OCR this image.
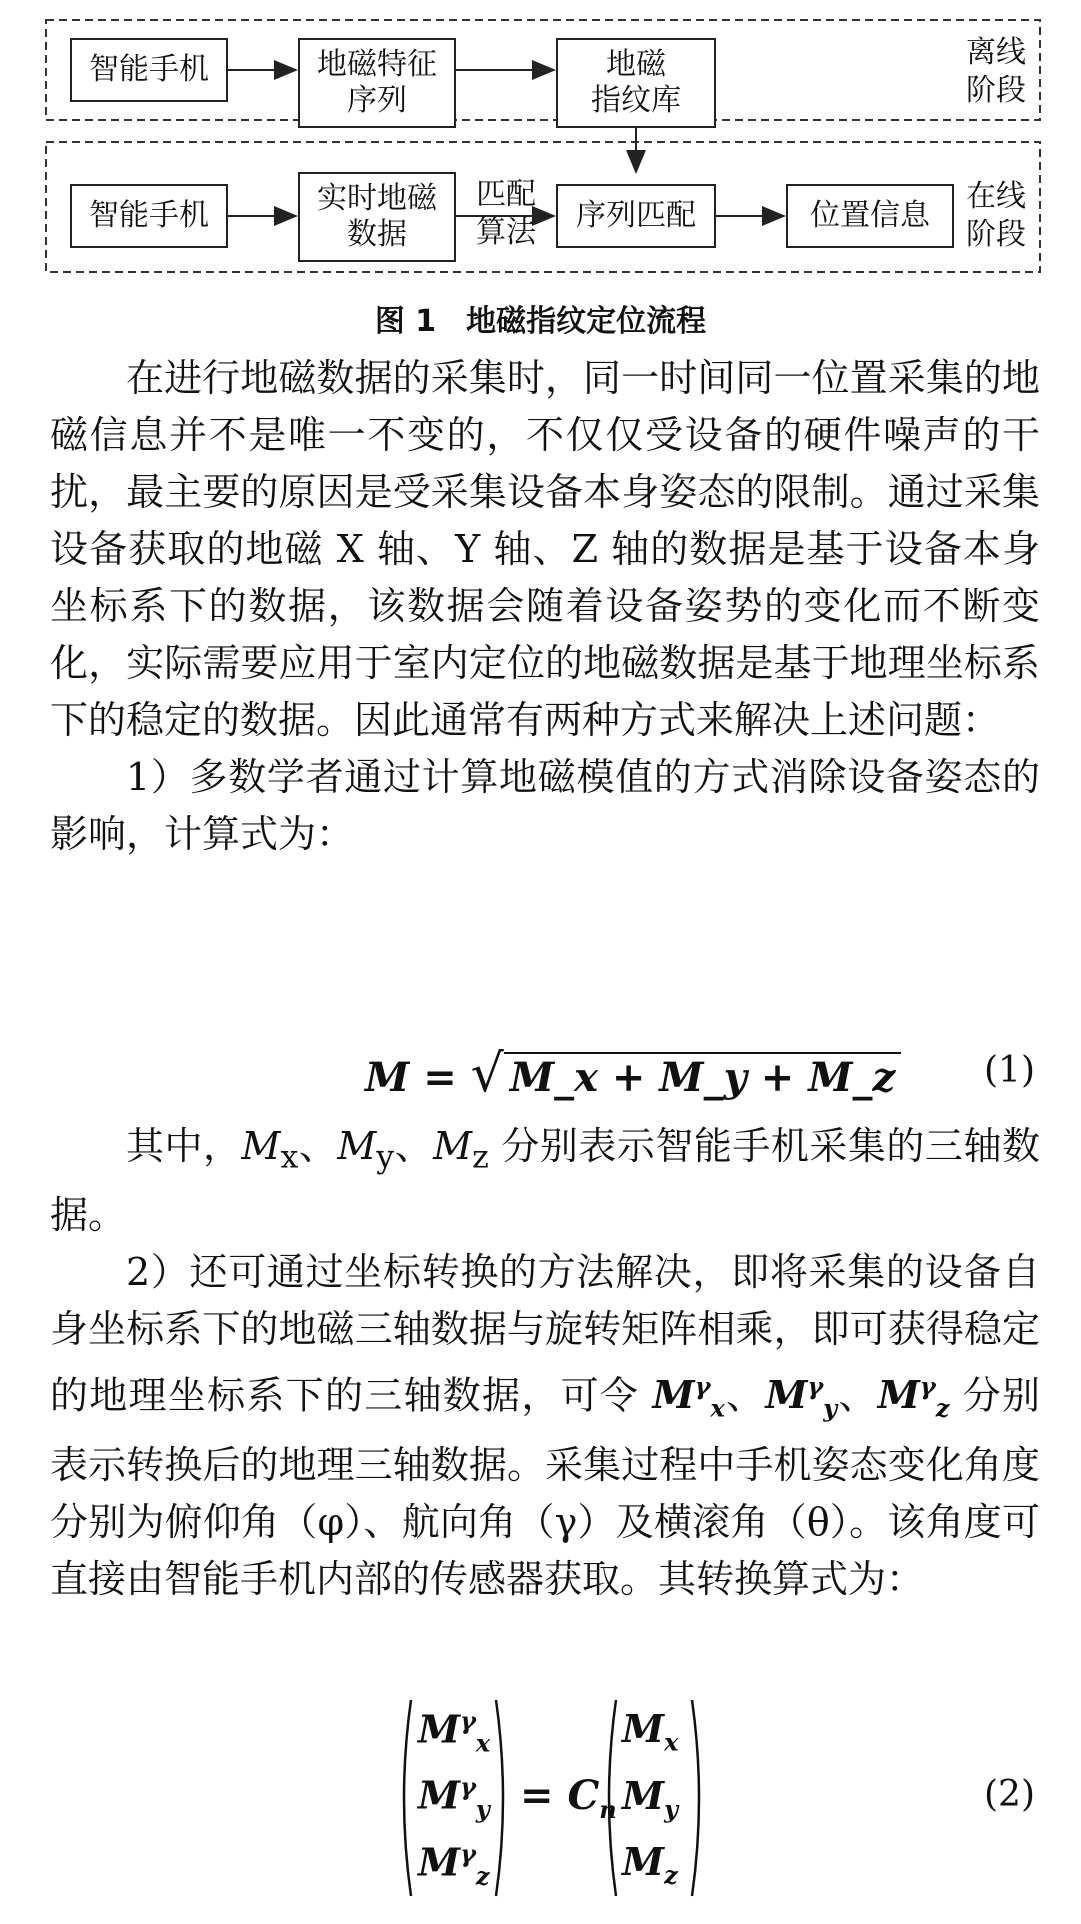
智能手机	地磁特征
序列
地磁
指纹库
离线
阶段
智能手机	实时地磁
数据
序列匹配	位置信息
匹配
算法
在线
阶段
图 1　地磁指纹定位流程

在进行地磁数据的采集时，同一时间同一位置采集的地磁信息并不是唯一不变的，不仅仅受设备的硬件噪声的干扰，最主要的原因是受采集设备本身姿态的限制。通过采集设备获取的地磁 X 轴、Y 轴、Z 轴的数据是基于设备本身坐标系下的数据，该数据会随着设备姿势的变化而不断变化，实际需要应用于室内定位的地磁数据是基于地理坐标系下的稳定的数据。因此通常有两种方式来解决上述问题：

1）多数学者通过计算地磁模值的方式消除设备姿态的影响，计算式为：

M = √ M_x + M_y + M_z (1)

其中，$M_x$、$M_y$、$M_z$ 分别表示智能手机采集的三轴数据。

2）还可通过坐标转换的方法解决，即将采集的设备自身坐标系下的地磁三轴数据与旋转矩阵相乘，即可获得稳定的地理坐标系下的三轴数据，可令 $M^\gamma_x$、$M^\gamma_y$、$M^\gamma_z$ 分别表示转换后的地理三轴数据。采集过程中手机姿态变化角度分别为俯仰角（φ）、航向角（γ）及横滚角（θ）。该角度可直接由智能手机内部的传感器获取。其转换算式为：

$M^\gamma_x$
$M^\gamma_y$
$M^\gamma_z$
= $C_n$
$M_x$
$M_y$
$M_z$
(2)
